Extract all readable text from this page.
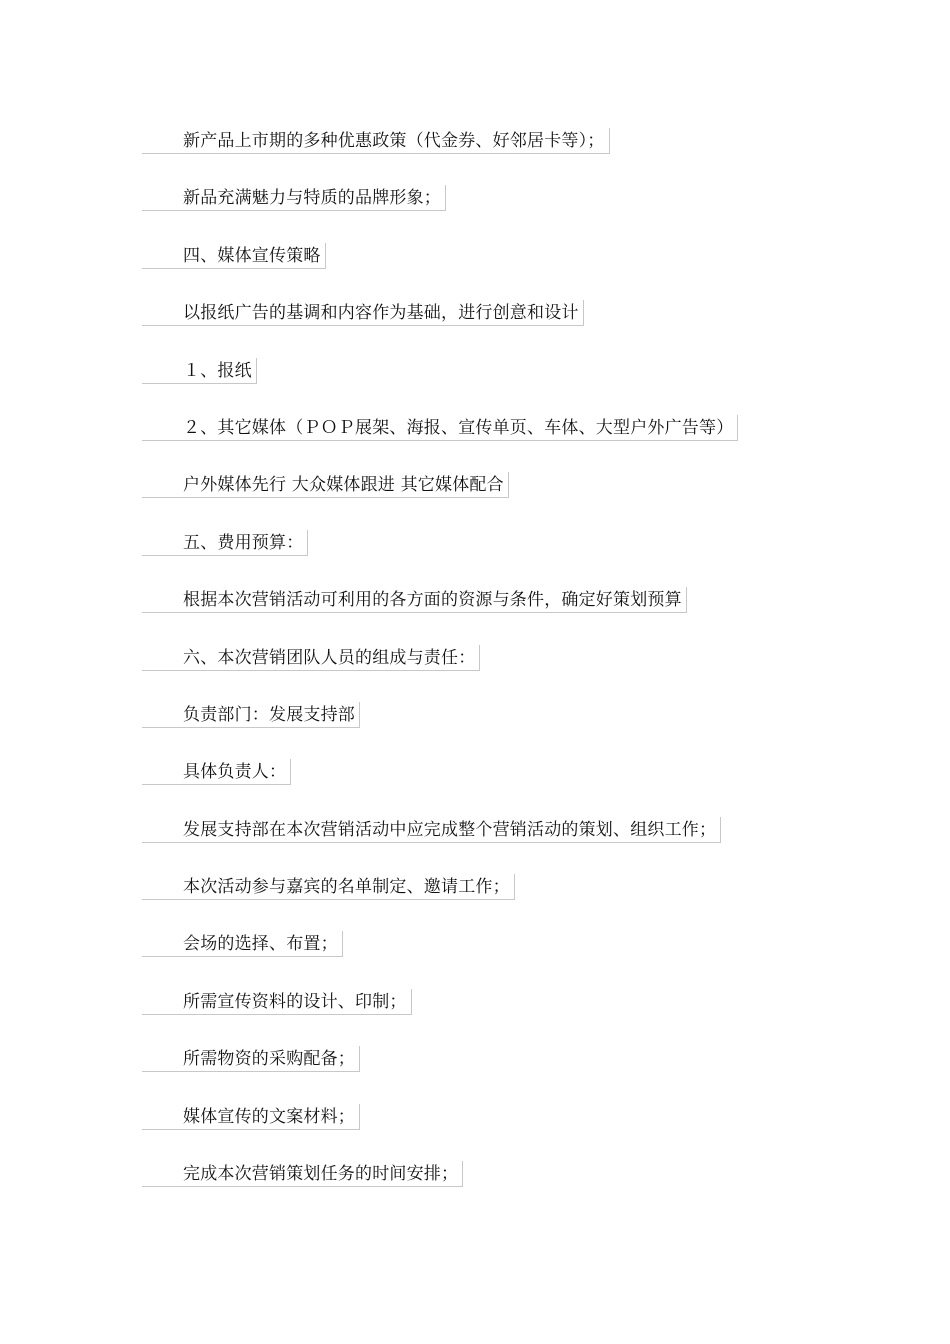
新产品上市期的多种优惠政策（代金券、好邻居卡等）；
新品充满魅力与特质的品牌形象；
四、媒体宣传策略
以报纸广告的基调和内容作为基础，进行创意和设计
１、报纸
２、其它媒体（ＰＯＰ展架、海报、宣传单页、车体、大型户外广告等）
户外媒体先行 大众媒体跟进 其它媒体配合
五、费用预算：
根据本次营销活动可利用的各方面的资源与条件，确定好策划预算
六、本次营销团队人员的组成与责任：
负责部门：发展支持部
具体负责人：
发展支持部在本次营销活动中应完成整个营销活动的策划、组织工作；
本次活动参与嘉宾的名单制定、邀请工作；
会场的选择、布置；
所需宣传资料的设计、印制；
所需物资的采购配备；
媒体宣传的文案材料；
完成本次营销策划任务的时间安排；
